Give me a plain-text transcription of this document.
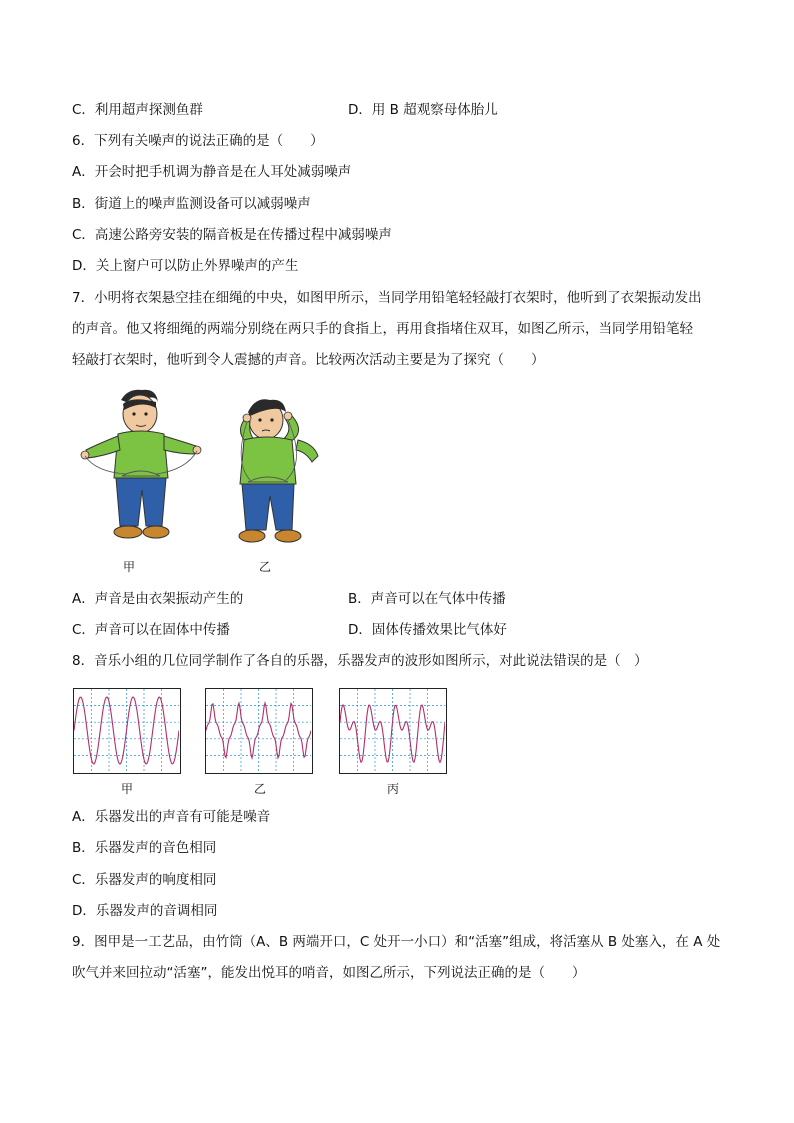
C．利用超声探测鱼群	D．用 B 超观察母体胎儿
6．下列有关噪声的说法正确的是（　　）
A．开会时把手机调为静音是在人耳处减弱噪声
B．街道上的噪声监测设备可以减弱噪声
C．高速公路旁安装的隔音板是在传播过程中减弱噪声
D．关上窗户可以防止外界噪声的产生
7．小明将衣架悬空挂在细绳的中央，如图甲所示，当同学用铅笔轻轻敲打衣架时，他听到了衣架振动发出
的声音。他又将细绳的两端分别绕在两只手的食指上，再用食指堵住双耳，如图乙所示，当同学用铅笔轻
轻敲打衣架时，他听到令人震撼的声音。比较两次活动主要是为了探究（　　）
甲	乙
A．声音是由衣架振动产生的	B．声音可以在气体中传播
C．声音可以在固体中传播	D．固体传播效果比气体好
8．音乐小组的几位同学制作了各自的乐器，乐器发声的波形如图所示，对此说法错误的是（　）
甲	乙	丙
A．乐器发出的声音有可能是噪音
B．乐器发声的音色相同
C．乐器发声的响度相同
D．乐器发声的音调相同
9．图甲是一工艺品，由竹筒（A、B 两端开口，C 处开一小口）和“活塞”组成，将活塞从 B 处塞入，在 A 处
吹气并来回拉动“活塞”，能发出悦耳的哨音，如图乙所示，下列说法正确的是（　　）
